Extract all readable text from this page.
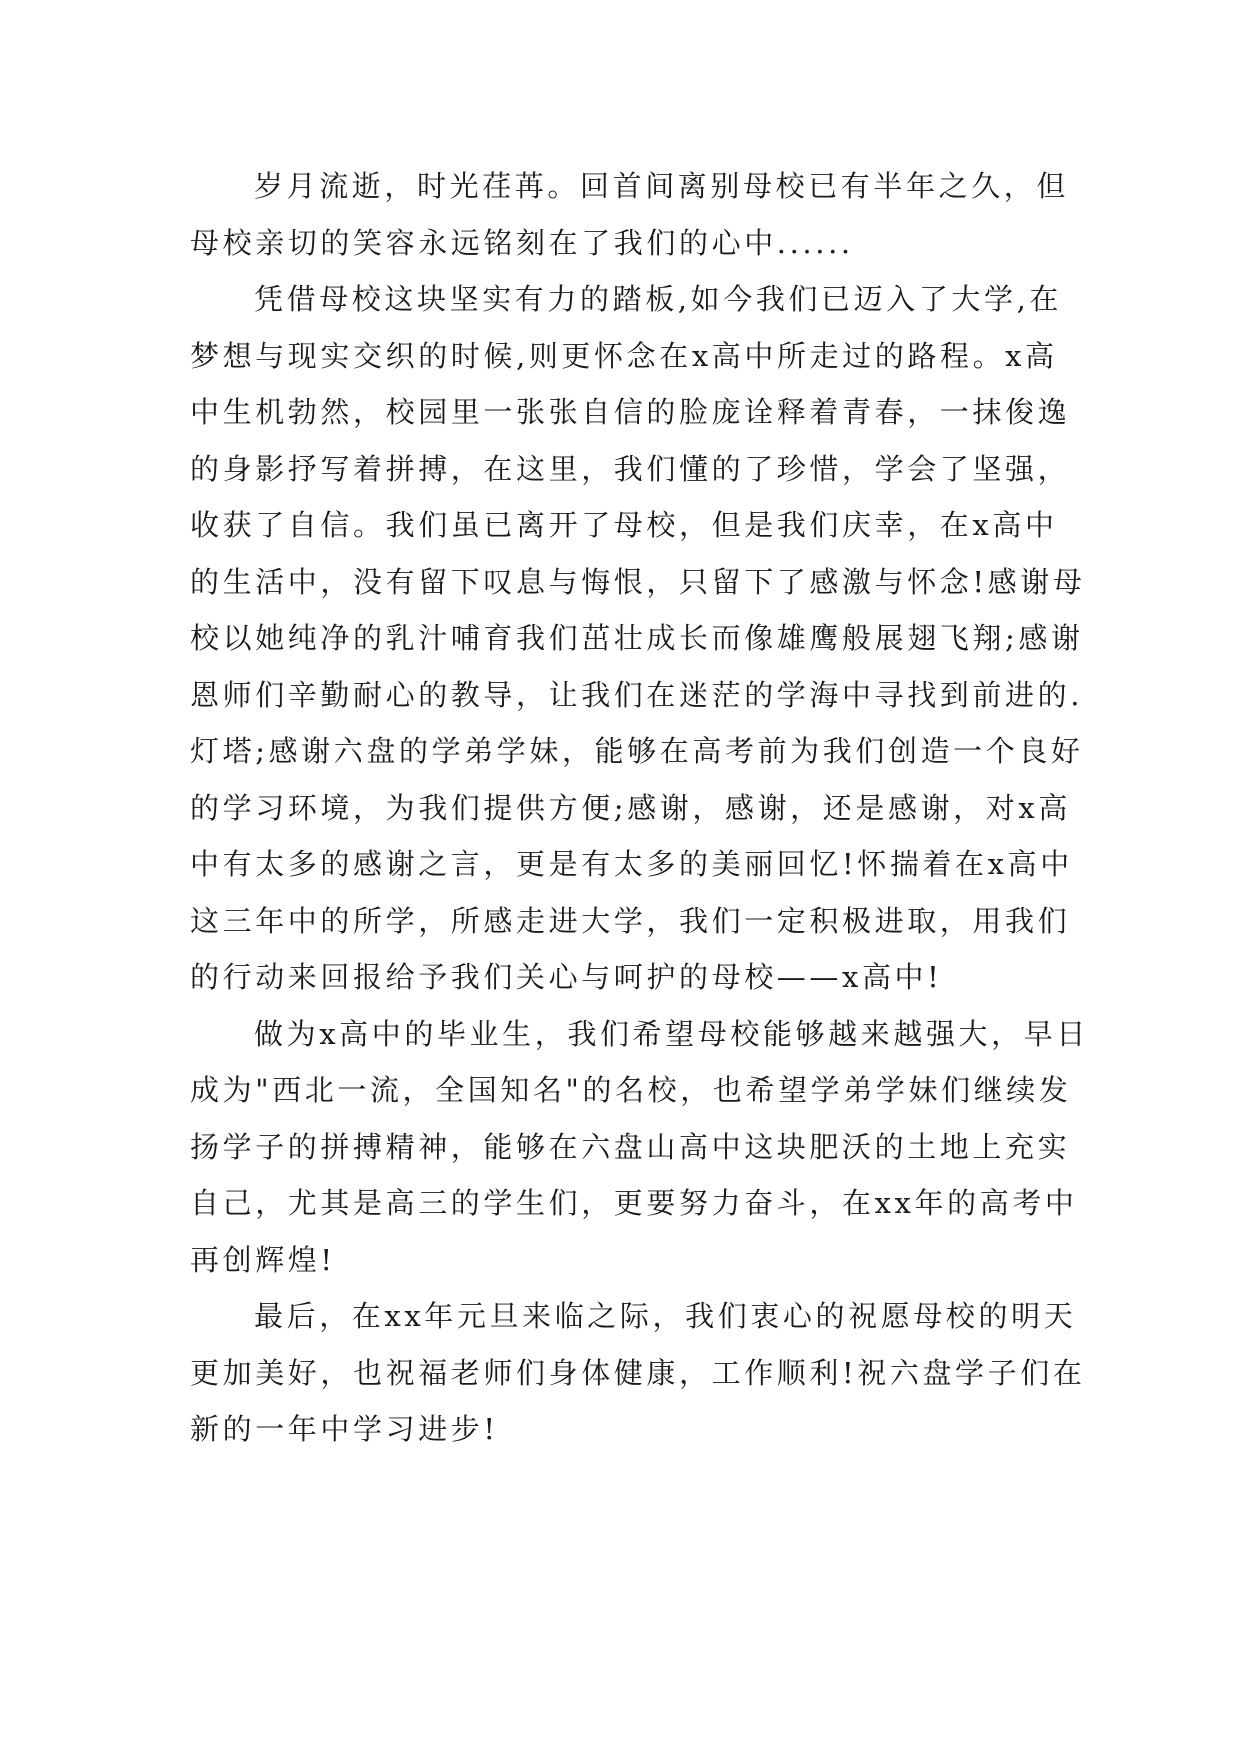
岁月流逝，时光荏苒。回首间离别母校已有半年之久，但母校亲切的笑容永远铭刻在了我们的心中......

凭借母校这块坚实有力的踏板,如今我们已迈入了大学,在梦想与现实交织的时候,则更怀念在x高中所走过的路程。x高中生机勃然，校园里一张张自信的脸庞诠释着青春，一抹俊逸的身影抒写着拼搏，在这里，我们懂的了珍惜，学会了坚强，收获了自信。我们虽已离开了母校，但是我们庆幸，在x高中的生活中，没有留下叹息与悔恨，只留下了感激与怀念!感谢母校以她纯净的乳汁哺育我们茁壮成长而像雄鹰般展翅飞翔;感谢恩师们辛勤耐心的教导，让我们在迷茫的学海中寻找到前进的.灯塔;感谢六盘的学弟学妹，能够在高考前为我们创造一个良好的学习环境，为我们提供方便;感谢，感谢，还是感谢，对x高中有太多的感谢之言，更是有太多的美丽回忆!怀揣着在x高中这三年中的所学，所感走进大学，我们一定积极进取，用我们的行动来回报给予我们关心与呵护的母校——x高中!

做为x高中的毕业生，我们希望母校能够越来越强大，早日成为"西北一流，全国知名"的名校，也希望学弟学妹们继续发扬学子的拼搏精神，能够在六盘山高中这块肥沃的土地上充实自己，尤其是高三的学生们，更要努力奋斗，在xx年的高考中再创辉煌!

最后，在xx年元旦来临之际，我们衷心的祝愿母校的明天更加美好，也祝福老师们身体健康，工作顺利!祝六盘学子们在新的一年中学习进步!
